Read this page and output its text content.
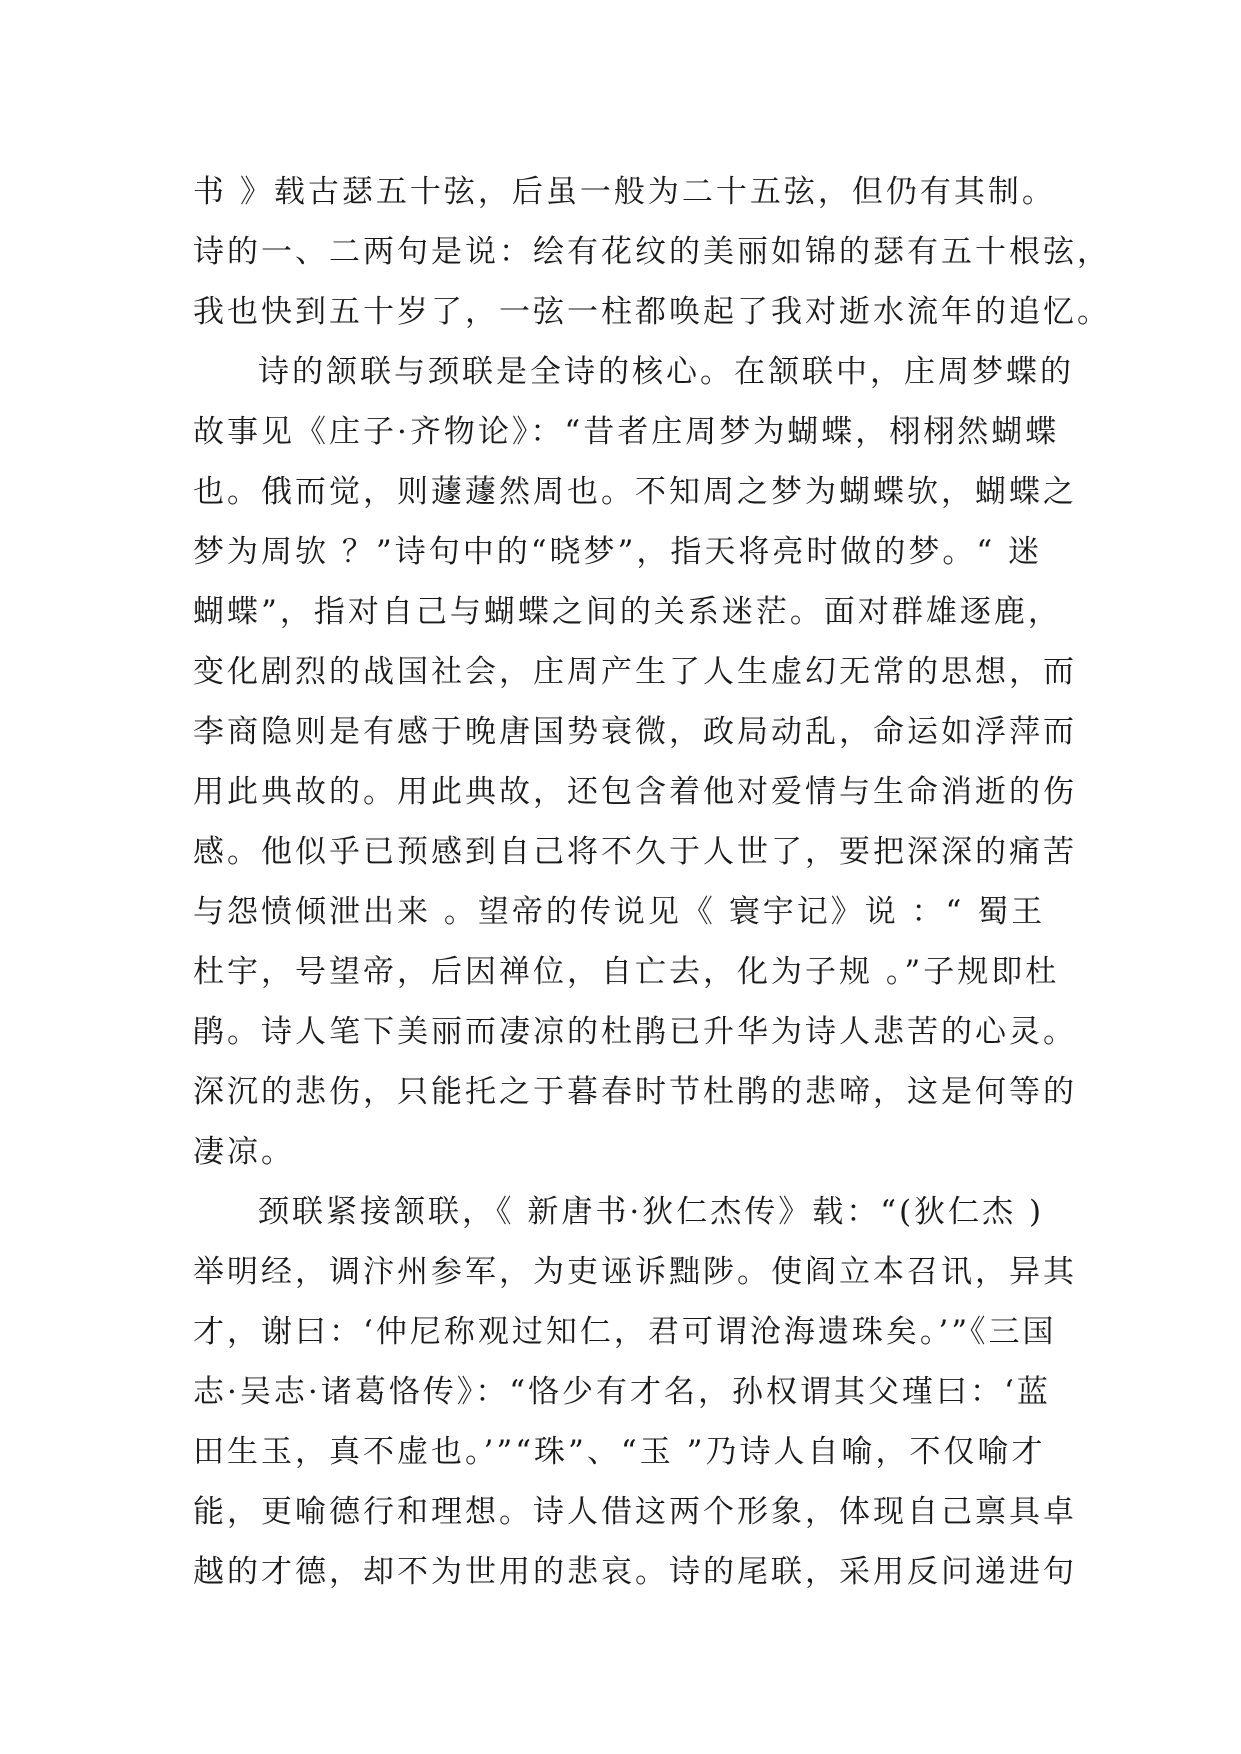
书 》载古瑟五十弦，后虽一般为二十五弦，但仍有其制。
诗的一、二两句是说：绘有花纹的美丽如锦的瑟有五十根弦，
我也快到五十岁了，一弦一柱都唤起了我对逝水流年的追忆。
诗的颔联与颈联是全诗的核心。在颔联中，庄周梦蝶的
故事见《庄子·齐物论》：“昔者庄周梦为蝴蝶，栩栩然蝴蝶
也。俄而觉，则蘧蘧然周也。不知周之梦为蝴蝶欤，蝴蝶之
梦为周欤 ？”诗句中的“晓梦”，指天将亮时做的梦。“ 迷
蝴蝶”，指对自己与蝴蝶之间的关系迷茫。面对群雄逐鹿，
变化剧烈的战国社会，庄周产生了人生虚幻无常的思想，而
李商隐则是有感于晚唐国势衰微，政局动乱，命运如浮萍而
用此典故的。用此典故，还包含着他对爱情与生命消逝的伤
感。他似乎已预感到自己将不久于人世了，要把深深的痛苦
与怨愤倾泄出来 。望帝的传说见《 寰宇记》说 ：“ 蜀王
杜宇，号望帝，后因禅位，自亡去，化为子规 。”子规即杜
鹃。诗人笔下美丽而凄凉的杜鹃已升华为诗人悲苦的心灵。
深沉的悲伤，只能托之于暮春时节杜鹃的悲啼，这是何等的
凄凉。
颈联紧接颔联，《 新唐书·狄仁杰传》载：“(狄仁杰 )
举明经，调汴州参军，为吏诬诉黜陟。使阎立本召讯，异其
才，谢曰：‘仲尼称观过知仁，君可谓沧海遗珠矣。’”《三国
志·吴志·诸葛恪传》：“恪少有才名，孙权谓其父瑾曰：‘蓝
田生玉，真不虚也。’”“珠”、“玉 ”乃诗人自喻，不仅喻才
能，更喻德行和理想。诗人借这两个形象，体现自己禀具卓
越的才德，却不为世用的悲哀。诗的尾联，采用反问递进句
